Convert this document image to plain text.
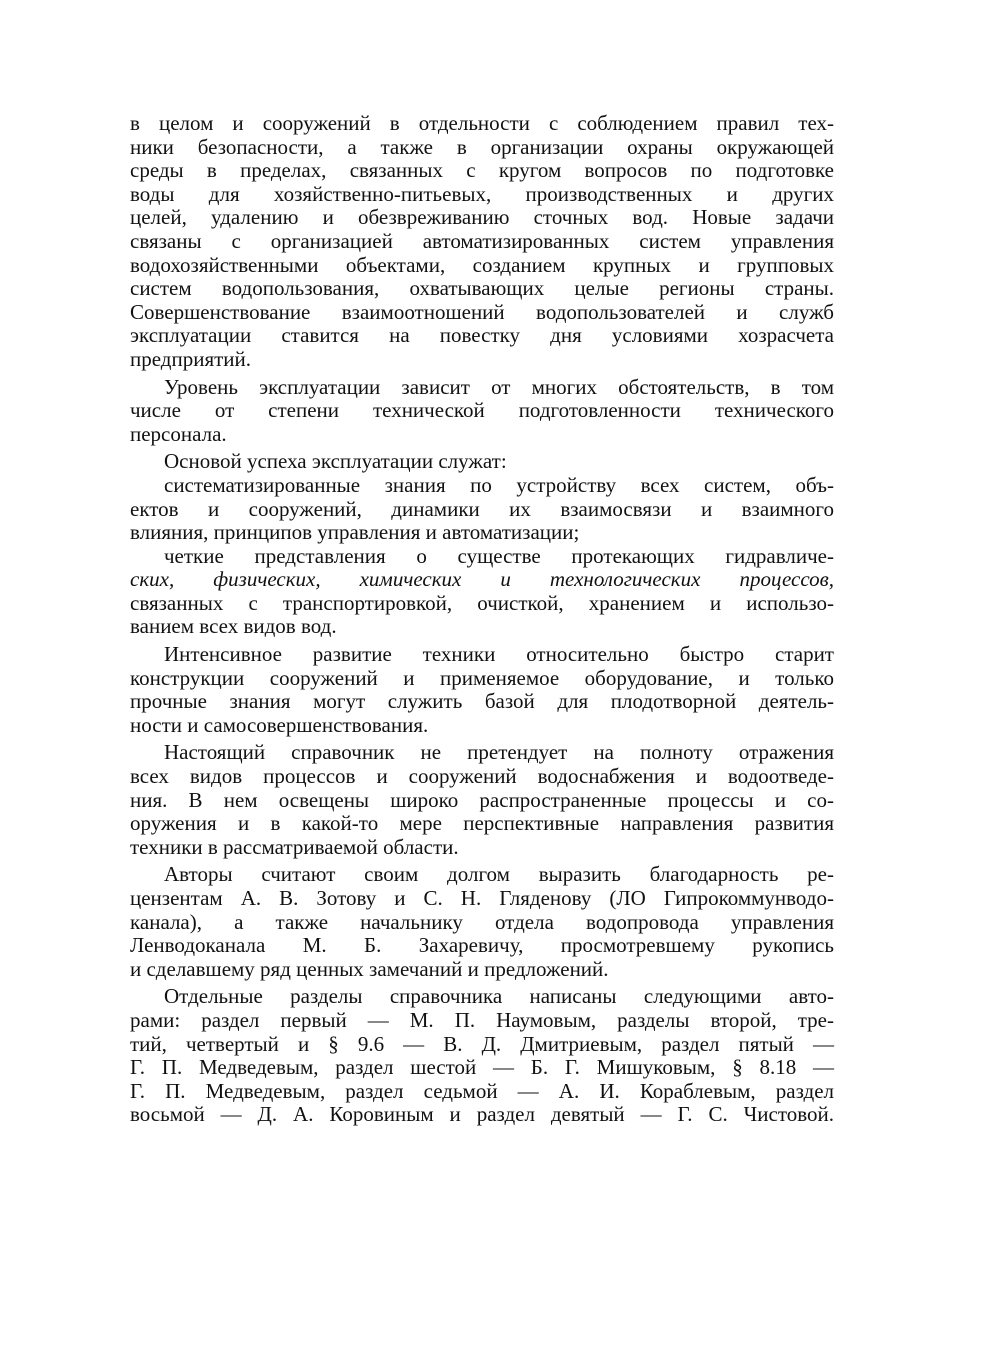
в целом и сооружений в отдельности с соблюдением правил тех-
ники безопасности, а также в организации охраны окружающей
среды в пределах, связанных с кругом вопросов по подготовке
воды для хозяйственно-питьевых, производственных и других
целей, удалению и обезвреживанию сточных вод. Новые задачи
связаны с организацией автоматизированных систем управления
водохозяйственными объектами, созданием крупных и групповых
систем водопользования, охватывающих целые регионы страны.
Совершенствование взаимоотношений водопользователей и служб
эксплуатации ставится на повестку дня условиями хозрасчета
предприятий.
Уровень эксплуатации зависит от многих обстоятельств, в том
числе от степени технической подготовленности технического
персонала.
Основой успеха эксплуатации служат:
систематизированные знания по устройству всех систем, объ-
ектов и сооружений, динамики их взаимосвязи и взаимного
влияния, принципов управления и автоматизации;
четкие представления о существе протекающих гидравличе-
ских, физических, химических и технологических процессов,
связанных с транспортировкой, очисткой, хранением и использо-
ванием всех видов вод.
Интенсивное развитие техники относительно быстро старит
конструкции сооружений и применяемое оборудование, и только
прочные знания могут служить базой для плодотворной деятель-
ности и самосовершенствования.
Настоящий справочник не претендует на полноту отражения
всех видов процессов и сооружений водоснабжения и водоотведе-
ния. В нем освещены широко распространенные процессы и со-
оружения и в какой-то мере перспективные направления развития
техники в рассматриваемой области.
Авторы считают своим долгом выразить благодарность ре-
цензентам А. В. Зотову и С. Н. Гляденову (ЛО Гипрокоммунводо-
канала), а также начальнику отдела водопровода управления
Ленводоканала М. Б. Захаревичу, просмотревшему рукопись
и сделавшему ряд ценных замечаний и предложений.
Отдельные разделы справочника написаны следующими авто-
рами: раздел первый — М. П. Наумовым, разделы второй, тре-
тий, четвертый и § 9.6 — В. Д. Дмитриевым, раздел пятый —
Г. П. Медведевым, раздел шестой — Б. Г. Мишуковым, § 8.18 —
Г. П. Медведевым, раздел седьмой — А. И. Кораблевым, раздел
восьмой — Д. А. Коровиным и раздел девятый — Г. С. Чистовой.
